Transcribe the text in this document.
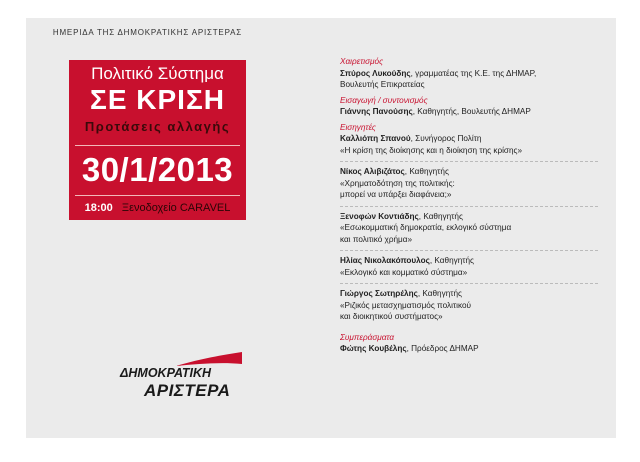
ΗΜΕΡΙΔΑ ΤΗΣ ΔΗΜΟΚΡΑΤΙΚΗΣ ΑΡΙΣΤΕΡΑΣ
Πολιτικό Σύστημα
ΣΕ ΚΡΙΣΗ
Προτάσεις αλλαγής
30/1/2013
18:00 Ξενοδοχείο CARAVEL
ΔΗΜΟΚΡΑΤΙΚΗ
ΑΡΙΣΤΕΡΑ
Χαιρετισμός
Σπύρος Λυκούδης, γραμματέας της Κ.Ε. της ΔΗΜΑΡ,
Βουλευτής Επικρατείας
Εισαγωγή / συντονισμός
Γιάννης Πανούσης, Καθηγητής, Βουλευτής ΔΗΜΑΡ
Εισηγητές
Καλλιόπη Σπανού, Συνήγορος Πολίτη
«Η κρίση της διοίκησης και η διοίκηση της κρίσης»
Νίκος Αλιβιζάτος, Καθηγητής
«Χρηματοδότηση της πολιτικής:
μπορεί να υπάρξει διαφάνεια;»
Ξενοφών Κοντιάδης, Καθηγητής
«Εσωκομματική δημοκρατία, εκλογικό σύστημα
και πολιτικό χρήμα»
Ηλίας Νικολακόπουλος, Καθηγητής
«Εκλογικό και κομματικό σύστημα»
Γιώργος Σωτηρέλης, Καθηγητής
«Ριζικός μετασχηματισμός πολιτικού
και διοικητικού συστήματος»
Συμπεράσματα
Φώτης Κουβέλης, Πρόεδρος ΔΗΜΑΡ
